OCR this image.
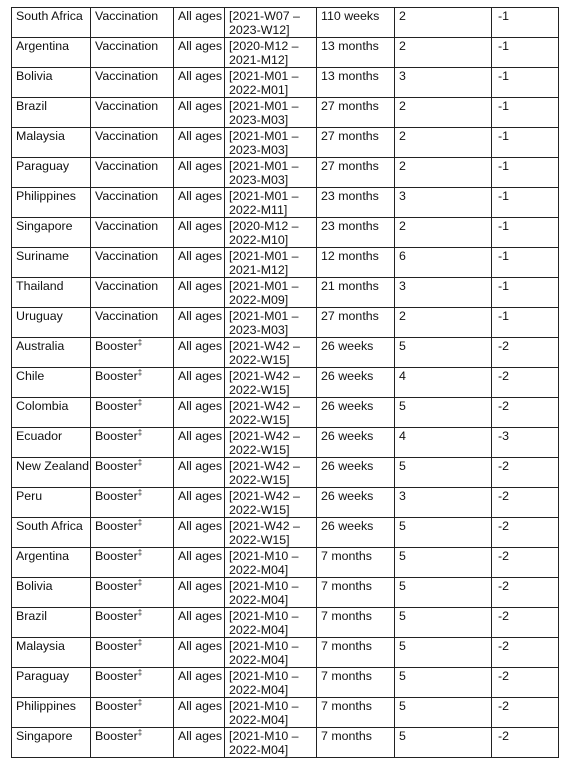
South Africa	Vaccination	All ages	[2021-W07 – 2023-W12]	110 weeks	2	-1
Argentina	Vaccination	All ages	[2020-M12 – 2021-M12]	13 months	2	-1
Bolivia	Vaccination	All ages	[2021-M01 – 2022-M01]	13 months	3	-1
Brazil	Vaccination	All ages	[2021-M01 – 2023-M03]	27 months	2	-1
Malaysia	Vaccination	All ages	[2021-M01 – 2023-M03]	27 months	2	-1
Paraguay	Vaccination	All ages	[2021-M01 – 2023-M03]	27 months	2	-1
Philippines	Vaccination	All ages	[2021-M01 – 2022-M11]	23 months	3	-1
Singapore	Vaccination	All ages	[2020-M12 – 2022-M10]	23 months	2	-1
Suriname	Vaccination	All ages	[2021-M01 – 2021-M12]	12 months	6	-1
Thailand	Vaccination	All ages	[2021-M01 – 2022-M09]	21 months	3	-1
Uruguay	Vaccination	All ages	[2021-M01 – 2023-M03]	27 months	2	-1
Australia	Booster‡	All ages	[2021-W42 – 2022-W15]	26 weeks	5	-2
Chile	Booster‡	All ages	[2021-W42 – 2022-W15]	26 weeks	4	-2
Colombia	Booster‡	All ages	[2021-W42 – 2022-W15]	26 weeks	5	-2
Ecuador	Booster‡	All ages	[2021-W42 – 2022-W15]	26 weeks	4	-3
New Zealand	Booster‡	All ages	[2021-W42 – 2022-W15]	26 weeks	5	-2
Peru	Booster‡	All ages	[2021-W42 – 2022-W15]	26 weeks	3	-2
South Africa	Booster‡	All ages	[2021-W42 – 2022-W15]	26 weeks	5	-2
Argentina	Booster‡	All ages	[2021-M10 – 2022-M04]	7 months	5	-2
Bolivia	Booster‡	All ages	[2021-M10 – 2022-M04]	7 months	5	-2
Brazil	Booster‡	All ages	[2021-M10 – 2022-M04]	7 months	5	-2
Malaysia	Booster‡	All ages	[2021-M10 – 2022-M04]	7 months	5	-2
Paraguay	Booster‡	All ages	[2021-M10 – 2022-M04]	7 months	5	-2
Philippines	Booster‡	All ages	[2021-M10 – 2022-M04]	7 months	5	-2
Singapore	Booster‡	All ages	[2021-M10 – 2022-M04]	7 months	5	-2
